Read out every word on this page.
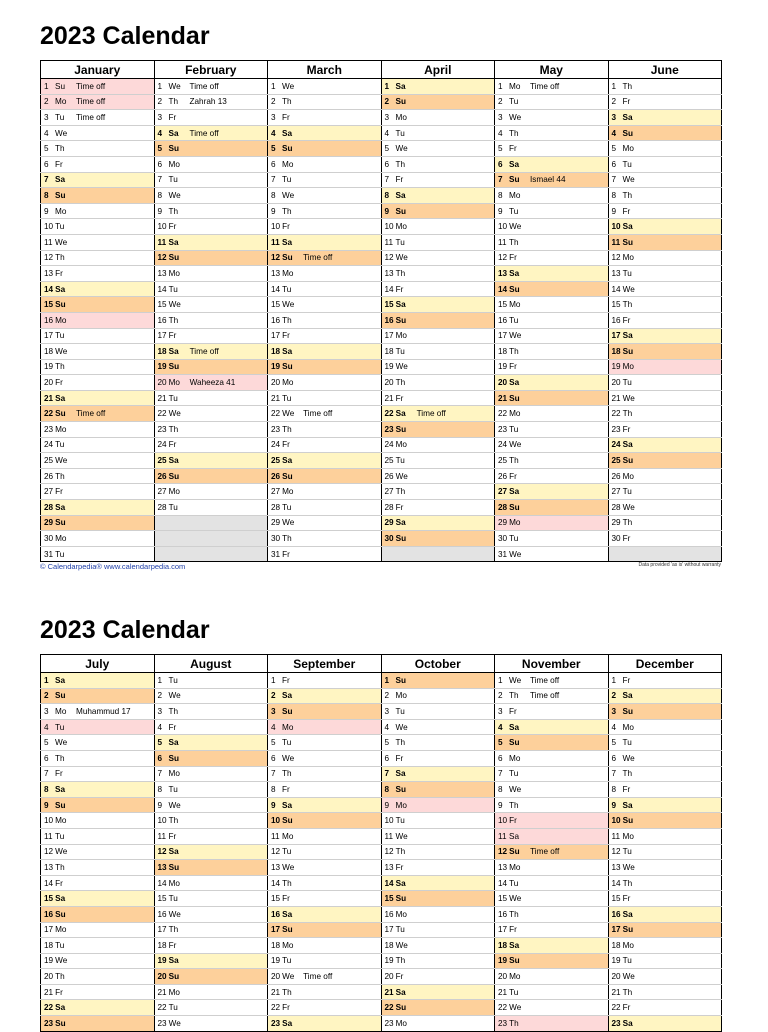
2023 Calendar
January	February	March	April	May	June
1 Su Time off	1 We Time off	1 We	1 Sa	1 Mo Time off	1 Th
2 Mo Time off	2 Th Zahrah 13	2 Th	2 Su	2 Tu	2 Fr
3 Tu Time off	3 Fr	3 Fr	3 Mo	3 We	3 Sa
4 We	4 Sa Time off	4 Sa	4 Tu	4 Th	4 Su
5 Th	5 Su	5 Su	5 We	5 Fr	5 Mo
6 Fr	6 Mo	6 Mo	6 Th	6 Sa	6 Tu
7 Sa	7 Tu	7 Tu	7 Fr	7 Su Ismael 44	7 We
8 Su	8 We	8 We	8 Sa	8 Mo	8 Th
9 Mo	9 Th	9 Th	9 Su	9 Tu	9 Fr
10 Tu	10 Fr	10 Fr	10 Mo	10 We	10 Sa
11 We	11 Sa	11 Sa	11 Tu	11 Th	11 Su
12 Th	12 Su	12 Su Time off	12 We	12 Fr	12 Mo
13 Fr	13 Mo	13 Mo	13 Th	13 Sa	13 Tu
14 Sa	14 Tu	14 Tu	14 Fr	14 Su	14 We
15 Su	15 We	15 We	15 Sa	15 Mo	15 Th
16 Mo	16 Th	16 Th	16 Su	16 Tu	16 Fr
17 Tu	17 Fr	17 Fr	17 Mo	17 We	17 Sa
18 We	18 Sa Time off	18 Sa	18 Tu	18 Th	18 Su
19 Th	19 Su	19 Su	19 We	19 Fr	19 Mo
20 Fr	20 Mo Waheeza 41	20 Mo	20 Th	20 Sa	20 Tu
21 Sa	21 Tu	21 Tu	21 Fr	21 Su	21 We
22 Su Time off	22 We	22 We Time off	22 Sa Time off	22 Mo	22 Th
23 Mo	23 Th	23 Th	23 Su	23 Tu	23 Fr
24 Tu	24 Fr	24 Fr	24 Mo	24 We	24 Sa
25 We	25 Sa	25 Sa	25 Tu	25 Th	25 Su
26 Th	26 Su	26 Su	26 We	26 Fr	26 Mo
27 Fr	27 Mo	27 Mo	27 Th	27 Sa	27 Tu
28 Sa	28 Tu	28 Tu	28 Fr	28 Su	28 We
29 Su		29 We	29 Sa	29 Mo	29 Th
30 Mo		30 Th	30 Su	30 Tu	30 Fr
31 Tu		31 Fr		31 We	
© Calendarpedia® www.calendarpedia.com	Data provided 'as is' without warranty
2023 Calendar
July	August	September	October	November	December
1 Sa	1 Tu	1 Fr	1 Su	1 We Time off	1 Fr
2 Su	2 We	2 Sa	2 Mo	2 Th Time off	2 Sa
3 Mo Muhammud 17	3 Th	3 Su	3 Tu	3 Fr	3 Su
4 Tu	4 Fr	4 Mo	4 We	4 Sa	4 Mo
5 We	5 Sa	5 Tu	5 Th	5 Su	5 Tu
6 Th	6 Su	6 We	6 Fr	6 Mo	6 We
7 Fr	7 Mo	7 Th	7 Sa	7 Tu	7 Th
8 Sa	8 Tu	8 Fr	8 Su	8 We	8 Fr
9 Su	9 We	9 Sa	9 Mo	9 Th	9 Sa
10 Mo	10 Th	10 Su	10 Tu	10 Fr	10 Su
11 Tu	11 Fr	11 Mo	11 We	11 Sa	11 Mo
12 We	12 Sa	12 Tu	12 Th	12 Su Time off	12 Tu
13 Th	13 Su	13 We	13 Fr	13 Mo	13 We
14 Fr	14 Mo	14 Th	14 Sa	14 Tu	14 Th
15 Sa	15 Tu	15 Fr	15 Su	15 We	15 Fr
16 Su	16 We	16 Sa	16 Mo	16 Th	16 Sa
17 Mo	17 Th	17 Su	17 Tu	17 Fr	17 Su
18 Tu	18 Fr	18 Mo	18 We	18 Sa	18 Mo
19 We	19 Sa	19 Tu	19 Th	19 Su	19 Tu
20 Th	20 Su	20 We Time off	20 Fr	20 Mo	20 We
21 Fr	21 Mo	21 Th	21 Sa	21 Tu	21 Th
22 Sa	22 Tu	22 Fr	22 Su	22 We	22 Fr
23 Su	23 We	23 Sa	23 Mo	23 Th	23 Sa
